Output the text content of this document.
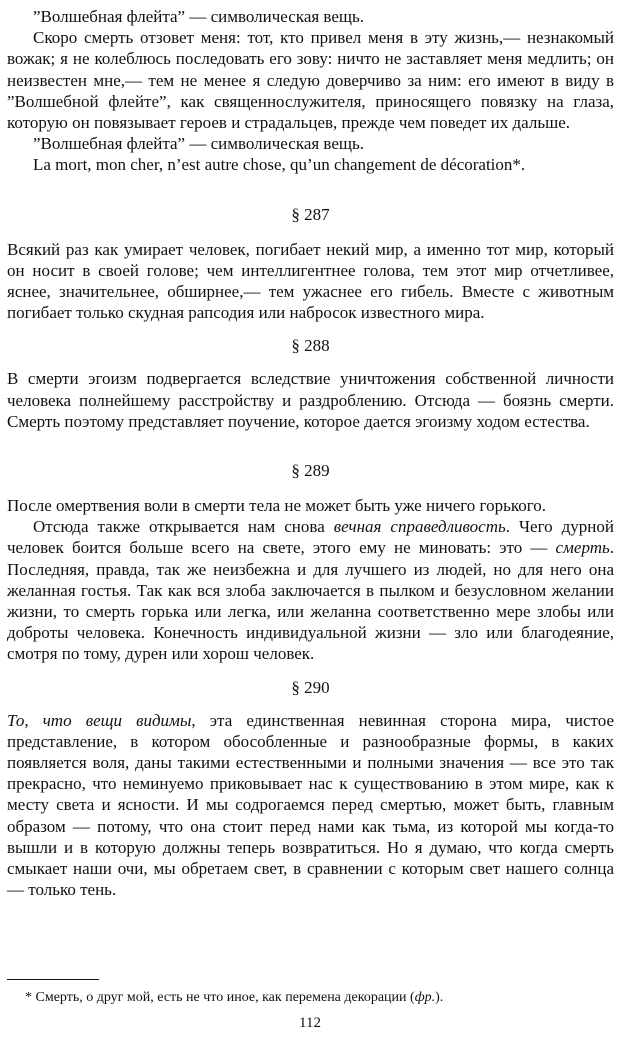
”Волшебная флейта” — символическая вещь.

Скоро смерть отзовет меня: тот, кто привел меня в эту жизнь,— незнакомый вожак; я не колеблюсь последовать его зову: ничто не заставляет меня медлить; он неизвестен мне,— тем не менее я следую доверчиво за ним: его имеют в виду в ”Волшебной флейте”, как священнослужителя, приносящего повязку на глаза, которую он повязывает героев и страдальцев, прежде чем поведет их дальше.

”Волшебная флейта” — символическая вещь.

La mort, mon cher, n’est autre chose, qu’un changement de décoration*.

§ 287

Всякий раз как умирает человек, погибает некий мир, а именно тот мир, который он носит в своей голове; чем интеллигентнее голова, тем этот мир отчетливее, яснее, значительнее, обширнее,— тем ужаснее его гибель. Вместе с животным погибает только скудная рапсодия или набросок известного мира.

§ 288

В смерти эгоизм подвергается вследствие уничтожения собственной личности человека полнейшему расстройству и раздроблению. Отсюда — боязнь смерти. Смерть поэтому представляет поучение, которое дается эгоизму ходом естества.

§ 289

После омертвения воли в смерти тела не может быть уже ничего горького.

Отсюда также открывается нам снова вечная справедливость. Чего дурной человек боится больше всего на свете, этого ему не миновать: это — смерть. Последняя, правда, так же неизбежна и для лучшего из людей, но для него она желанная гостья. Так как вся злоба заключается в пылком и безусловном желании жизни, то смерть горька или легка, или желанна соответственно мере злобы или доброты человека. Конечность индивидуальной жизни — зло или благодеяние, смотря по тому, дурен или хорош человек.

§ 290

То, что вещи видимы, эта единственная невинная сторона мира, чистое представление, в котором обособленные и разнообразные формы, в каких появляется воля, даны такими естественными и полными значения — все это так прекрасно, что неминуемо приковывает нас к существованию в этом мире, как к месту света и ясности. И мы содрогаемся перед смертью, может быть, главным образом — потому, что она стоит перед нами как тьма, из которой мы когда-то вышли и в которую должны теперь возвратиться. Но я думаю, что когда смерть смыкает наши очи, мы обретаем свет, в сравнении с которым свет нашего солнца — только тень.

* Смерть, о друг мой, есть не что иное, как перемена декорации (фр.).
112
